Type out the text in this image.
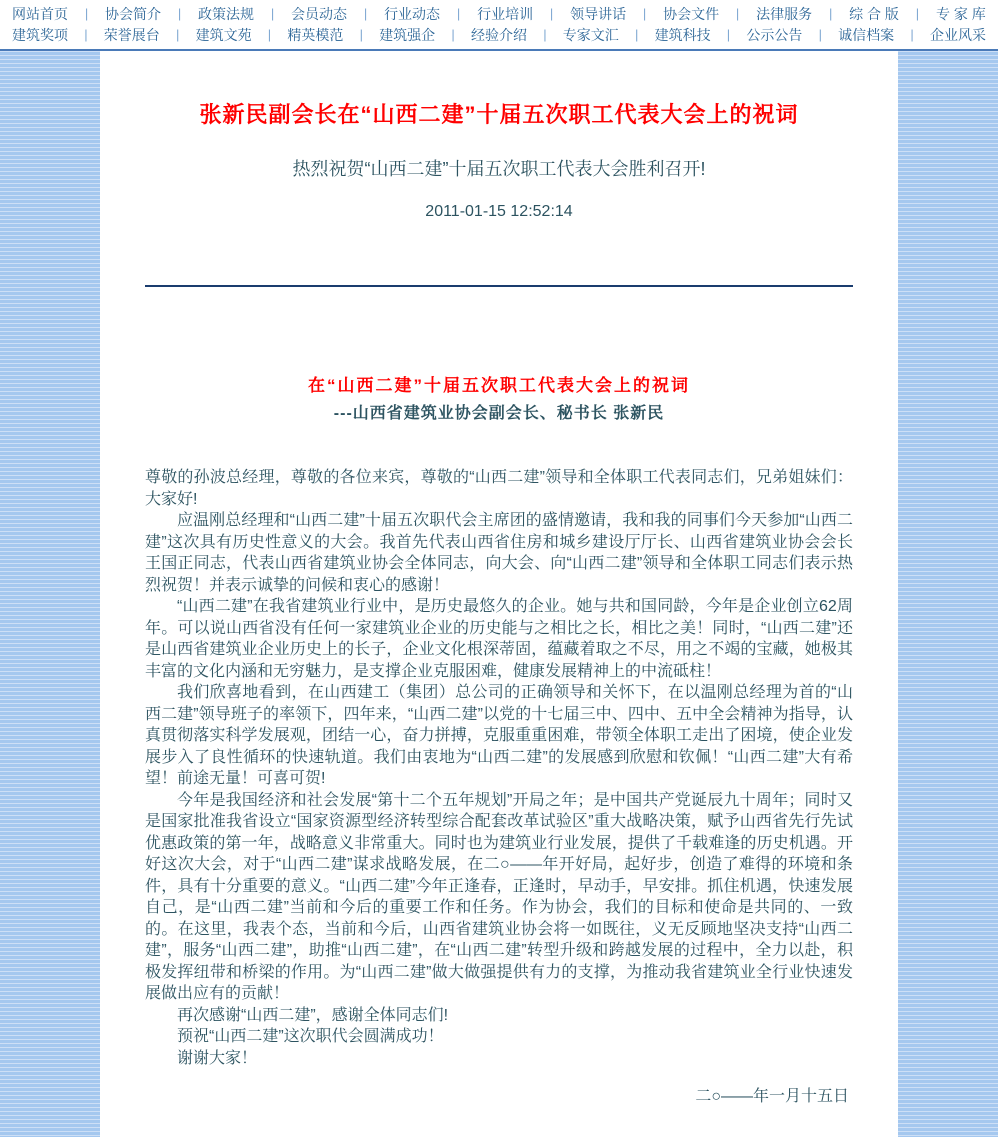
网站首页 | 协会简介 | 政策法规 | 会员动态 | 行业动态 | 行业培训 | 领导讲话 | 协会文件 | 法律服务 | 综 合 版 | 专 家 库
建筑奖项 | 荣誉展台 | 建筑文苑 | 精英模范 | 建筑强企 | 经验介绍 | 专家文汇 | 建筑科技 | 公示公告 | 诚信档案 | 企业风采
张新民副会长在“山西二建”十届五次职工代表大会上的祝词
热烈祝贺“山西二建”十届五次职工代表大会胜利召开!
2011-01-15 12:52:14
在“山西二建”十届五次职工代表大会上的祝词
---山西省建筑业协会副会长、秘书长 张新民

尊敬的孙波总经理，尊敬的各位来宾，尊敬的“山西二建”领导和全体职工代表同志们，兄弟姐妹们：大家好!

应温刚总经理和“山西二建”十届五次职代会主席团的盛情邀请，我和我的同事们今天参加“山西二建”这次具有历史性意义的大会。我首先代表山西省住房和城乡建设厅厅长、山西省建筑业协会会长王国正同志，代表山西省建筑业协会全体同志，向大会、向“山西二建”领导和全体职工同志们表示热烈祝贺！并表示诚挚的问候和衷心的感谢！

“山西二建”在我省建筑业行业中，是历史最悠久的企业。她与共和国同龄，今年是企业创立62周年。可以说山西省没有任何一家建筑业企业的历史能与之相比之长，相比之美！同时，“山西二建”还是山西省建筑业企业历史上的长子，企业文化根深蒂固，蕴藏着取之不尽，用之不竭的宝藏，她极其丰富的文化内涵和无穷魅力，是支撑企业克服困难，健康发展精神上的中流砥柱！

我们欣喜地看到，在山西建工（集团）总公司的正确领导和关怀下，在以温刚总经理为首的“山西二建”领导班子的率领下，四年来，“山西二建”以党的十七届三中、四中、五中全会精神为指导，认真贯彻落实科学发展观，团结一心，奋力拼搏，克服重重困难，带领全体职工走出了困境，使企业发展步入了良性循环的快速轨道。我们由衷地为“山西二建”的发展感到欣慰和钦佩！“山西二建”大有希望！前途无量！可喜可贺!

今年是我国经济和社会发展“第十二个五年规划”开局之年；是中国共产党诞辰九十周年；同时又是国家批准我省设立“国家资源型经济转型综合配套改革试验区”重大战略决策，赋予山西省先行先试优惠政策的第一年，战略意义非常重大。同时也为建筑业行业发展，提供了千载难逢的历史机遇。开好这次大会，对于“山西二建”谋求战略发展，在二○——年开好局，起好步，创造了难得的环境和条件，具有十分重要的意义。“山西二建”今年正逢春，正逢时，早动手，早安排。抓住机遇，快速发展自己，是“山西二建”当前和今后的重要工作和任务。作为协会，我们的目标和使命是共同的、一致的。在这里，我表个态，当前和今后，山西省建筑业协会将一如既往，义无反顾地坚决支持“山西二建”，服务“山西二建”，助推“山西二建”，在“山西二建”转型升级和跨越发展的过程中，全力以赴，积极发挥纽带和桥梁的作用。为“山西二建”做大做强提供有力的支撑，为推动我省建筑业全行业快速发展做出应有的贡献！

再次感谢“山西二建”，感谢全体同志们!

预祝“山西二建”这次职代会圆满成功！

谢谢大家！

二○——年一月十五日
